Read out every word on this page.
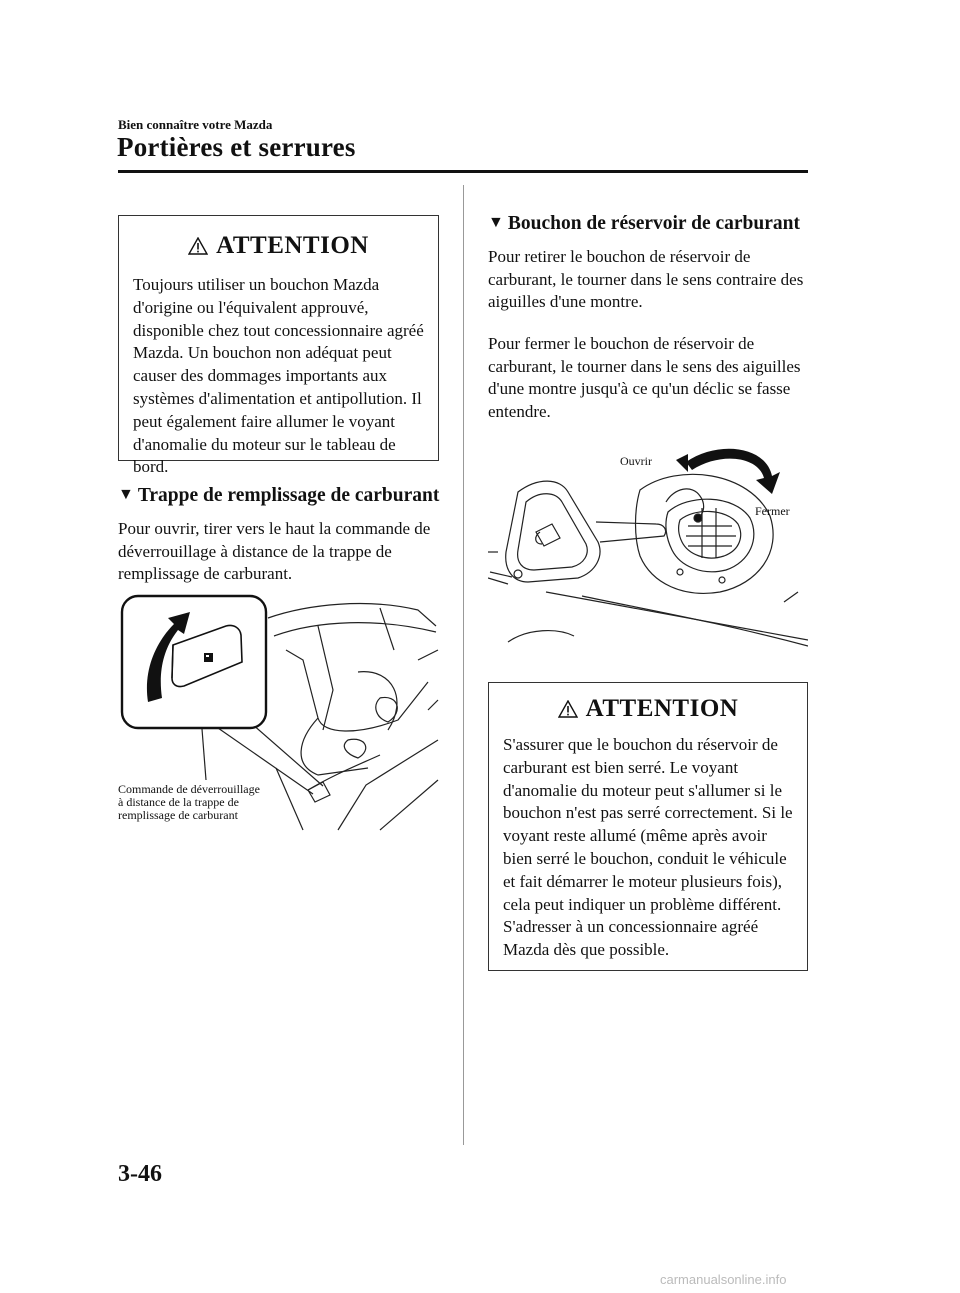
Bien connaître votre Mazda
Portières et serrures
ATTENTION
Toujours utiliser un bouchon Mazda d'origine ou l'équivalent approuvé, disponible chez tout concessionnaire agréé Mazda. Un bouchon non adéquat peut causer des dommages importants aux systèmes d'alimentation et antipollution. Il peut également faire allumer le voyant d'anomalie du moteur sur le tableau de bord.
▼ Trappe de remplissage de carburant
Pour ouvrir, tirer vers le haut la commande de déverrouillage à distance de la trappe de remplissage de carburant.
Commande de déverrouillage
à distance de la trappe de
remplissage de carburant
▼ Bouchon de réservoir de carburant
Pour retirer le bouchon de réservoir de carburant, le tourner dans le sens contraire des aiguilles d'une montre.
Pour fermer le bouchon de réservoir de carburant, le tourner dans le sens des aiguilles d'une montre jusqu'à ce qu'un déclic se fasse entendre.
Ouvrir
Fermer
ATTENTION
S'assurer que le bouchon du réservoir de carburant est bien serré. Le voyant d'anomalie du moteur peut s'allumer si le bouchon n'est pas serré correctement. Si le voyant reste allumé (même après avoir bien serré le bouchon, conduit le véhicule et fait démarrer le moteur plusieurs fois), cela peut indiquer un problème différent. S'adresser à un concessionnaire agréé Mazda dès que possible.
3-46
carmanualsonline.info
